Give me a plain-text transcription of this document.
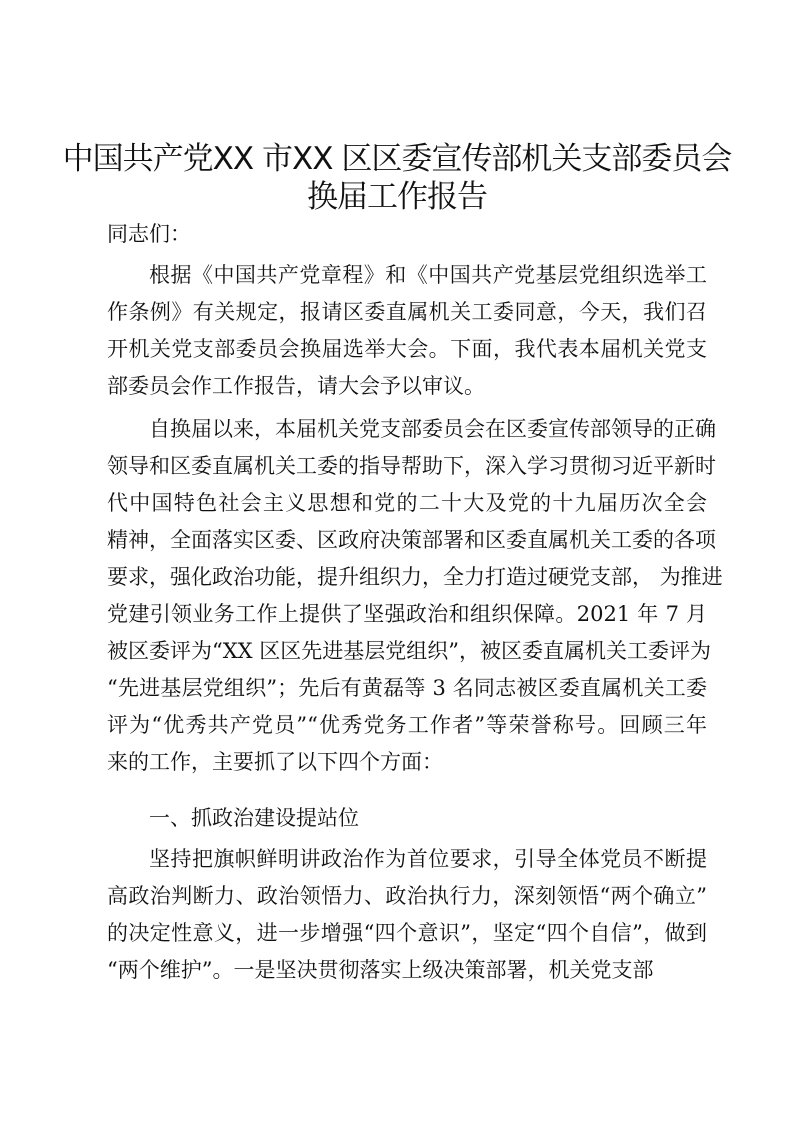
中国共产党XX 市XX 区区委宣传部机关支部委员会
换届工作报告
同志们：
根据《中国共产党章程》和《中国共产党基层党组织选举工
作条例》有关规定，报请区委直属机关工委同意，今天，我们召
开机关党支部委员会换届选举大会。下面，我代表本届机关党支
部委员会作工作报告，请大会予以审议。
自换届以来，本届机关党支部委员会在区委宣传部领导的正确
领导和区委直属机关工委的指导帮助下，深入学习贯彻习近平新时
代中国特色社会主义思想和党的二十大及党的十九届历次全会
精神，全面落实区委、区政府决策部署和区委直属机关工委的各项
要求，强化政治功能，提升组织力，全力打造过硬党支部， 为推进
党建引领业务工作上提供了坚强政治和组织保障。2021 年 7 月
被区委评为“XX 区区先进基层党组织”，被区委直属机关工委评为
“先进基层党组织”；先后有黄磊等 3 名同志被区委直属机关工委
评为“优秀共产党员”“优秀党务工作者”等荣誉称号。回顾三年
来的工作，主要抓了以下四个方面：
一、抓政治建设提站位
坚持把旗帜鲜明讲政治作为首位要求，引导全体党员不断提
高政治判断力、政治领悟力、政治执行力，深刻领悟“两个确立”
的决定性意义，进一步增强“四个意识”，坚定“四个自信”，做到
“两个维护”。一是坚决贯彻落实上级决策部署，机关党支部
